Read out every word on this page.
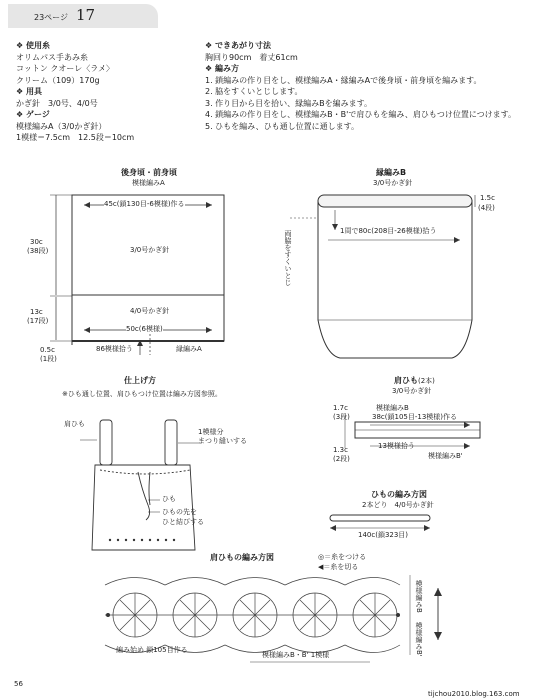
23ページ 17
❖ 使用糸
オリムパス手あみ糸
コットン クオーレ〈ラメ〉
クリーム（109）170g
❖ 用具
かぎ針　3/0号、4/0号
❖ ゲージ
模様編みA（3/0かぎ針）
1模様＝7.5cm　12.5段＝10cm
❖ できあがり寸法
胸回り90cm　着丈61cm
❖ 編み方
1. 鎖編みの作り目をし、模様編みA・縁編みAで後身頃・前身頃を編みます。
2. 脇をすくいとじします。
3. 作り目から目を拾い、縁編みBを編みます。
4. 鎖編みの作り目をし、模様編みB・B'で肩ひもを編み、肩ひもつけ位置につけます。
5. ひもを編み、ひも通し位置に通します。
後身頃・前身頃
模様編みA
45c(鎖130目-6模様)作る
3/0号かぎ針
4/0号かぎ針
50c(6模様)
30c
(38段)
13c
(17段)
0.5c
(1段)
86模様拾う	縁編みA
縁編みB
3/0号かぎ針
1周で80c(208目-26模様)拾う
1.5c
(4段)
両脇をすくいとじ
仕上げ方
※ひも通し位置、肩ひもつけ位置は編み方図参照。
肩ひも
1模様分
まつり縫いする
ひも
ひもの先を
ひと結びする
肩ひも(2本)
3/0号かぎ針
模様編みB
38c(鎖105目-13模様)作る
13模様拾う
模様編みB'
1.7c
(3段)
1.3c
(2段)
ひもの編み方図
2本どり　4/0号かぎ針
140c(鎖323目)
肩ひもの編み方図	◎＝糸をつける
◀＝糸を切る
編み始め 鎖105目作る
模様編みB・B' 1模様
模様編みB
模様編みB'
56
tijchou2010.blog.163.com
